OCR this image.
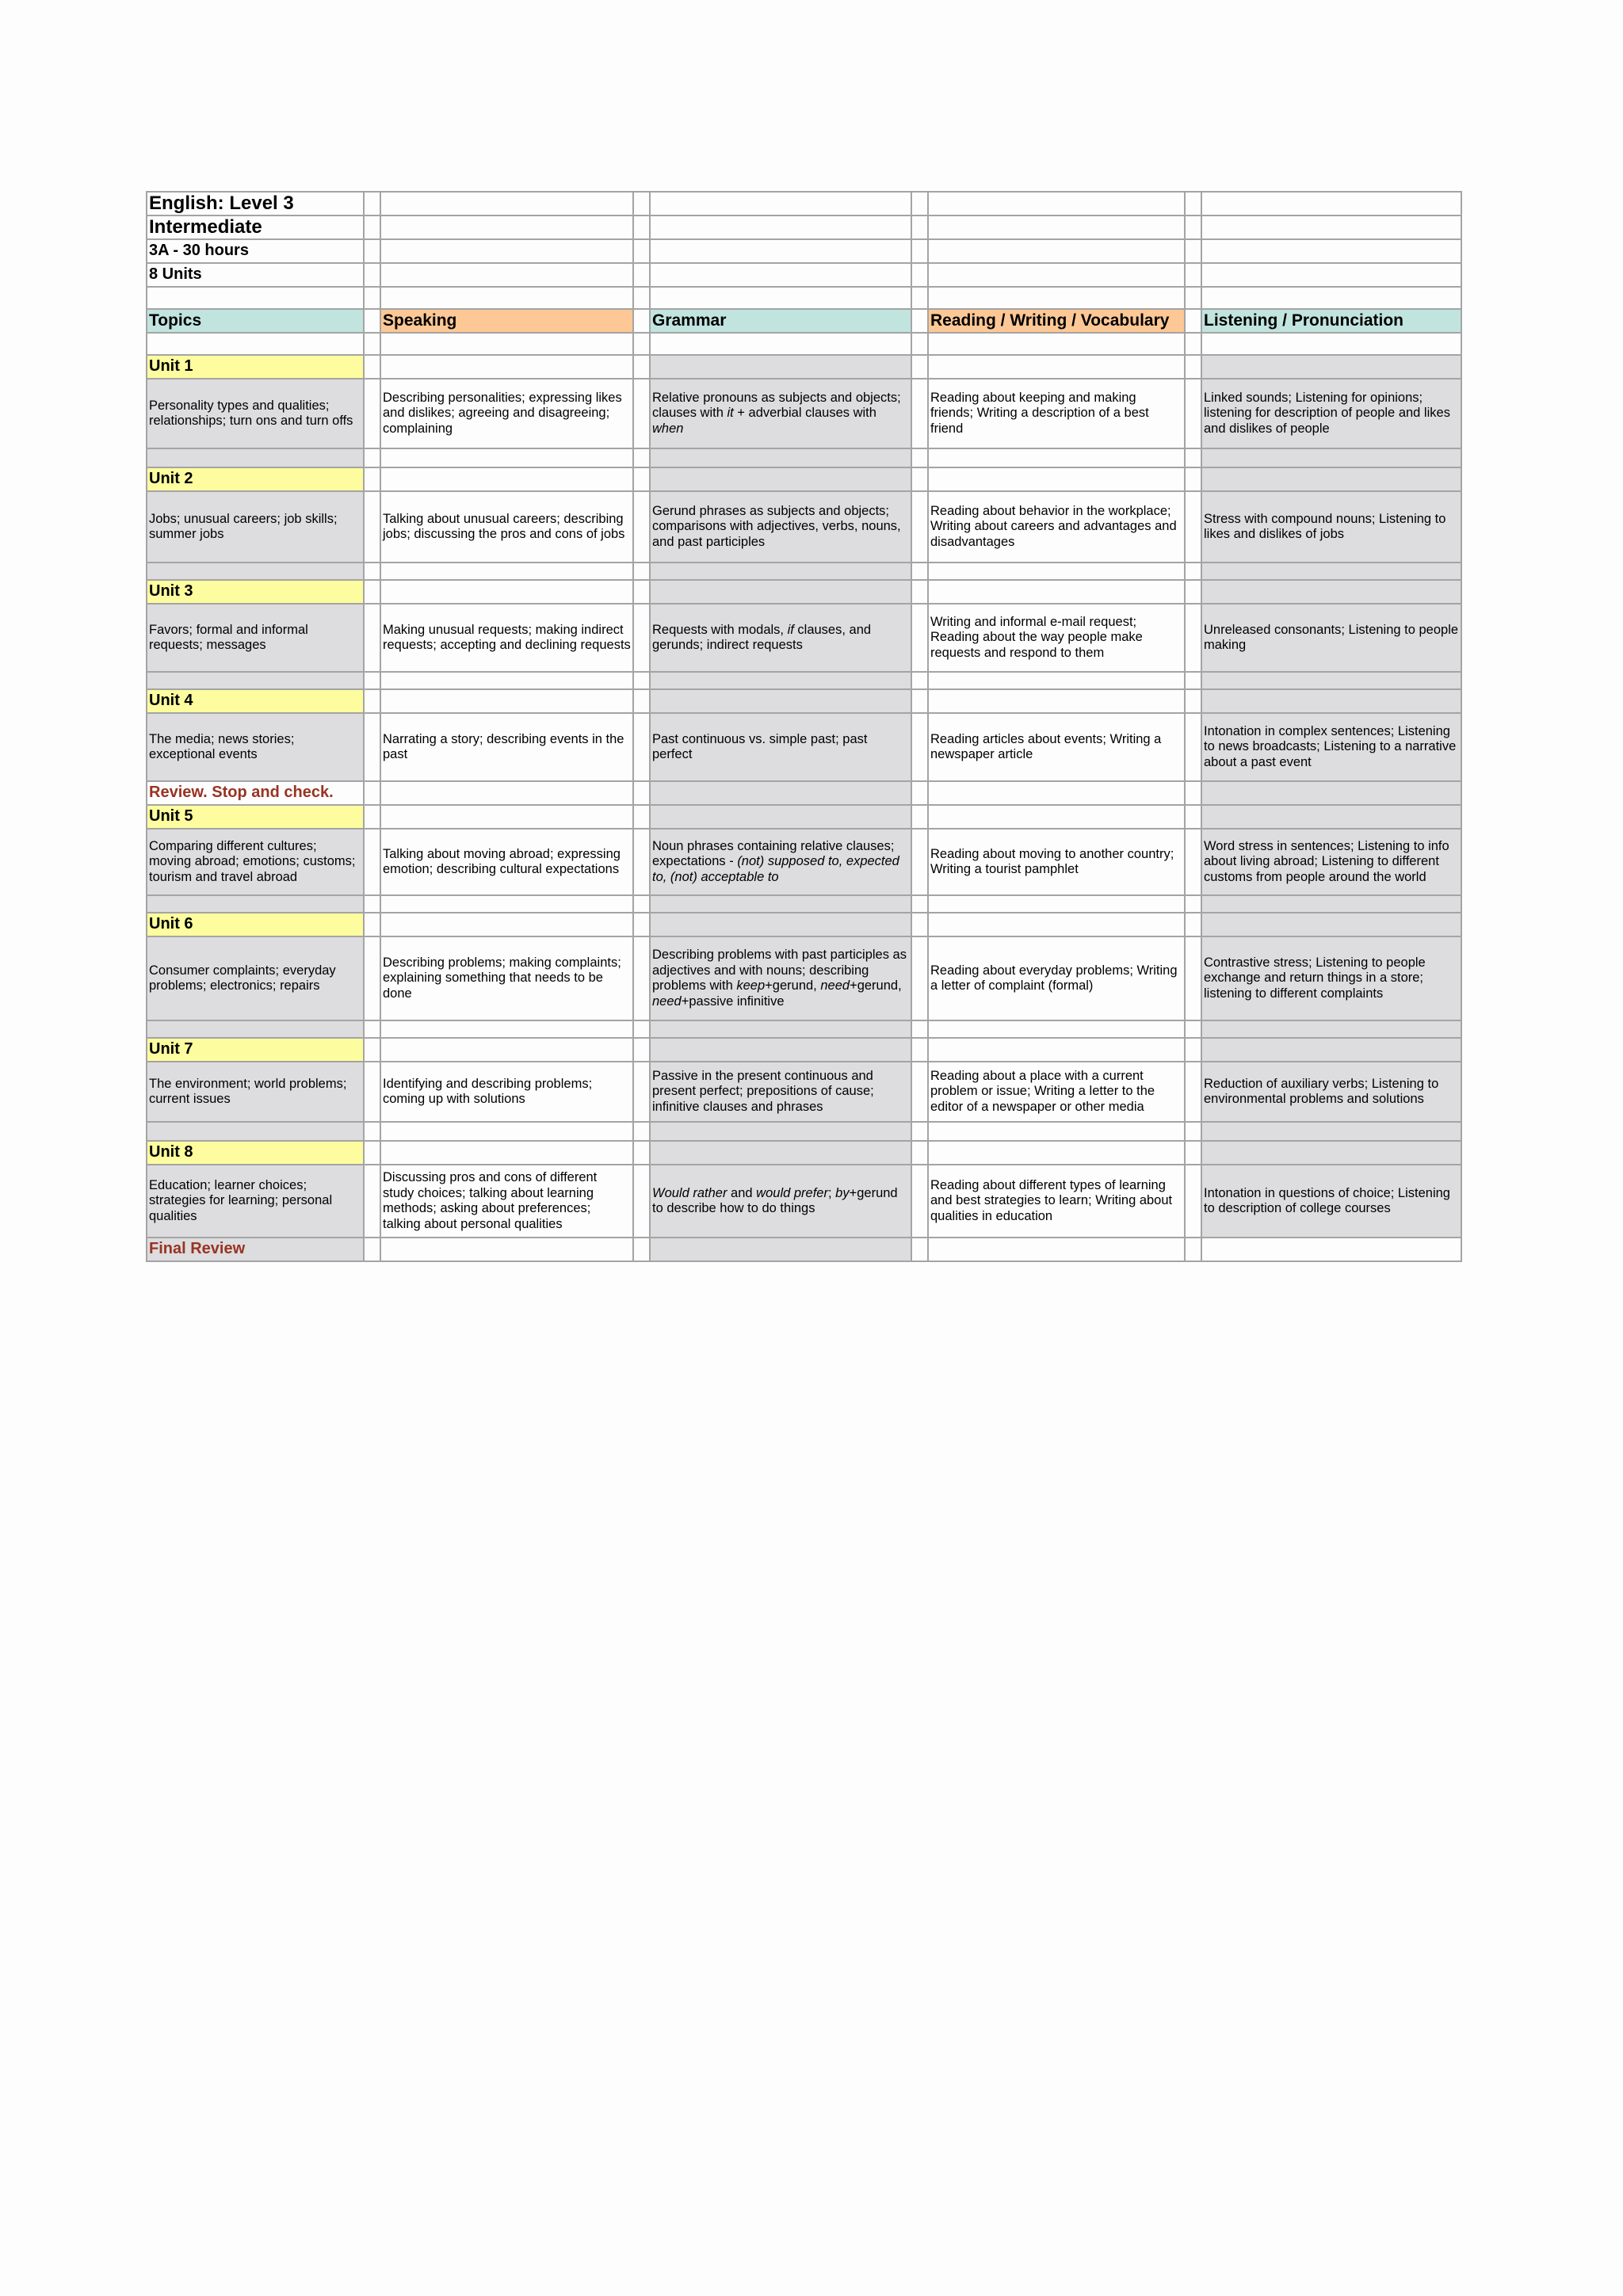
English: Level 3								
Intermediate								
3A - 30 hours								
8 Units								

Topics		Speaking		Grammar		Reading / Writing / Vocabulary		Listening / Pronunciation

Unit 1								
Personality types and qualities; relationships; turn ons and turn offs		Describing personalities; expressing likes and dislikes; agreeing and disagreeing; complaining		Relative pronouns as subjects and objects; clauses with it + adverbial clauses with when		Reading about keeping and making friends; Writing a description of a best friend		Linked sounds; Listening for opinions; listening for description of people and likes and dislikes of people

Unit 2								
Jobs; unusual careers; job skills; summer jobs		Talking about unusual careers; describing jobs; discussing the pros and cons of jobs		Gerund phrases as subjects and objects; comparisons with adjectives, verbs, nouns, and past participles		Reading about behavior in the workplace; Writing about careers and advantages and disadvantages		Stress with compound nouns; Listening to likes and dislikes of jobs

Unit 3								
Favors; formal and informal requests; messages		Making unusual requests; making indirect requests; accepting and declining requests		Requests with modals, if clauses, and gerunds; indirect requests		Writing and informal e-mail request; Reading about the way people make requests and respond to them		Unreleased consonants; Listening to people making

Unit 4								
The media; news stories; exceptional events		Narrating a story; describing events in the past		Past continuous vs. simple past; past perfect		Reading articles about events; Writing a newspaper article		Intonation in complex sentences; Listening to news broadcasts; Listening to a narrative about a past event
Review. Stop and check.								
Unit 5								
Comparing different cultures; moving abroad; emotions; customs; tourism and travel abroad		Talking about moving abroad; expressing emotion; describing cultural expectations		Noun phrases containing relative clauses; expectations - (not) supposed to, expected to, (not) acceptable to		Reading about moving to another country; Writing a tourist pamphlet		Word stress in sentences; Listening to info about living abroad; Listening to different customs from people around the world

Unit 6								
Consumer complaints; everyday problems; electronics; repairs		Describing problems; making complaints; explaining something that needs to be done		Describing problems with past participles as adjectives and with nouns; describing problems with keep+gerund, need+gerund, need+passive infinitive		Reading about everyday problems; Writing a letter of complaint (formal)		Contrastive stress; Listening to people exchange and return things in a store; listening to different complaints

Unit 7								
The environment; world problems; current issues		Identifying and describing problems; coming up with solutions		Passive in the present continuous and present perfect; prepositions of cause; infinitive clauses and phrases		Reading about a place with a current problem or issue; Writing a letter to the editor of a newspaper or other media		Reduction of auxiliary verbs; Listening to environmental problems and solutions

Unit 8								
Education; learner choices; strategies for learning; personal qualities		Discussing pros and cons of different study choices; talking about learning methods; asking about preferences; talking about personal qualities		Would rather and would prefer; by+gerund to describe how to do things		Reading about different types of learning and best strategies to learn; Writing about qualities in education		Intonation in questions of choice; Listening to description of college courses
Final Review								
